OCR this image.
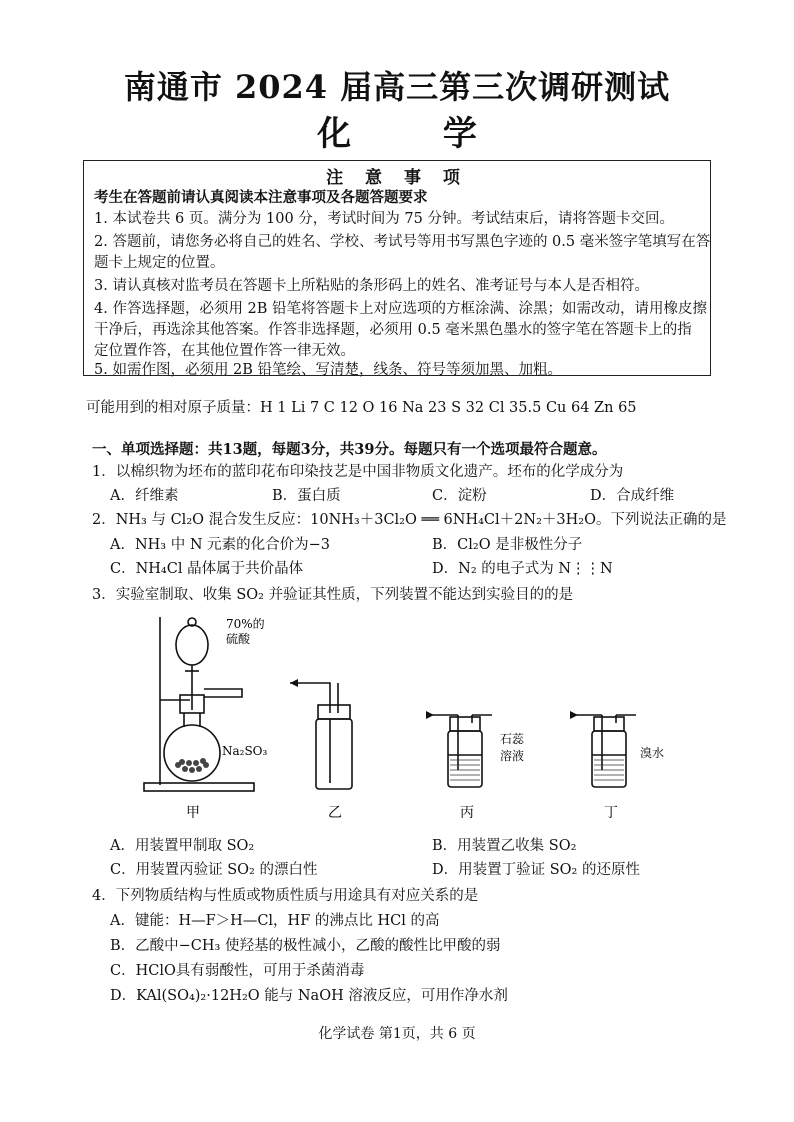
南通市 2024 届高三第三次调研测试
化 学
注 意 事 项
考生在答题前请认真阅读本注意事项及各题答题要求
1. 本试卷共 6 页。满分为 100 分，考试时间为 75 分钟。考试结束后，请将答题卡交回。
2. 答题前，请您务必将自己的姓名、学校、考试号等用书写黑色字迹的 0.5 毫米签字笔填写在答
题卡上规定的位置。
3. 请认真核对监考员在答题卡上所粘贴的条形码上的姓名、准考证号与本人是否相符。
4. 作答选择题，必须用 2B 铅笔将答题卡上对应选项的方框涂满、涂黑；如需改动，请用橡皮擦
干净后，再选涂其他答案。作答非选择题，必须用 0.5 毫米黑色墨水的签字笔在答题卡上的指
定位置作答，在其他位置作答一律无效。
5. 如需作图，必须用 2B 铅笔绘、写清楚，线条、符号等须加黑、加粗。
可能用到的相对原子质量：H 1 Li 7 C 12 O 16 Na 23 S 32 Cl 35.5 Cu 64 Zn 65
一、单项选择题：共13题，每题3分，共39分。每题只有一个选项最符合题意。
1．以棉织物为坯布的蓝印花布印染技艺是中国非物质文化遗产。坯布的化学成分为
A．纤维素	B．蛋白质	C．淀粉	D．合成纤维
2．NH₃ 与 Cl₂O 混合发生反应：10NH₃＋3Cl₂O ══ 6NH₄Cl＋2N₂＋3H₂O。下列说法正确的是
A．NH₃ 中 N 元素的化合价为−3	B．Cl₂O 是非极性分子
C．NH₄Cl 晶体属于共价晶体	D．N₂ 的电子式为 N⋮⋮N
3．实验室制取、收集 SO₂ 并验证其性质，下列装置不能达到实验目的的是
70%的
硫酸
Na₂SO₃
甲	乙
石蕊
溶液
丙
溴水
丁
A．用装置甲制取 SO₂	B．用装置乙收集 SO₂
C．用装置丙验证 SO₂ 的漂白性	D．用装置丁验证 SO₂ 的还原性
4．下列物质结构与性质或物质性质与用途具有对应关系的是
A．键能：H—F＞H—Cl，HF 的沸点比 HCl 的高
B．乙酸中−CH₃ 使羟基的极性减小，乙酸的酸性比甲酸的弱
C．HClO具有弱酸性，可用于杀菌消毒
D．KAl(SO₄)₂·12H₂O 能与 NaOH 溶液反应，可用作净水剂
化学试卷 第1页，共 6 页
